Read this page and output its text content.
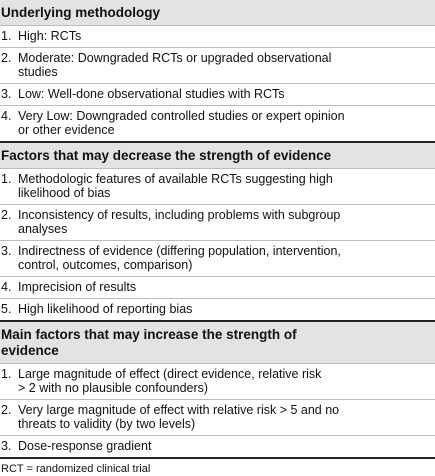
Underlying methodology
1. High: RCTs
2. Moderate: Downgraded RCTs or upgraded observational
studies
3. Low: Well-done observational studies with RCTs
4. Very Low: Downgraded controlled studies or expert opinion
or other evidence
Factors that may decrease the strength of evidence
1. Methodologic features of available RCTs suggesting high
likelihood of bias
2. Inconsistency of results, including problems with subgroup
analyses
3. Indirectness of evidence (differing population, intervention,
control, outcomes, comparison)
4. Imprecision of results
5. High likelihood of reporting bias
Main factors that may increase the strength of
evidence
1. Large magnitude of effect (direct evidence, relative risk
> 2 with no plausible confounders)
2. Very large magnitude of effect with relative risk > 5 and no
threats to validity (by two levels)
3. Dose-response gradient
RCT = randomized clinical trial
